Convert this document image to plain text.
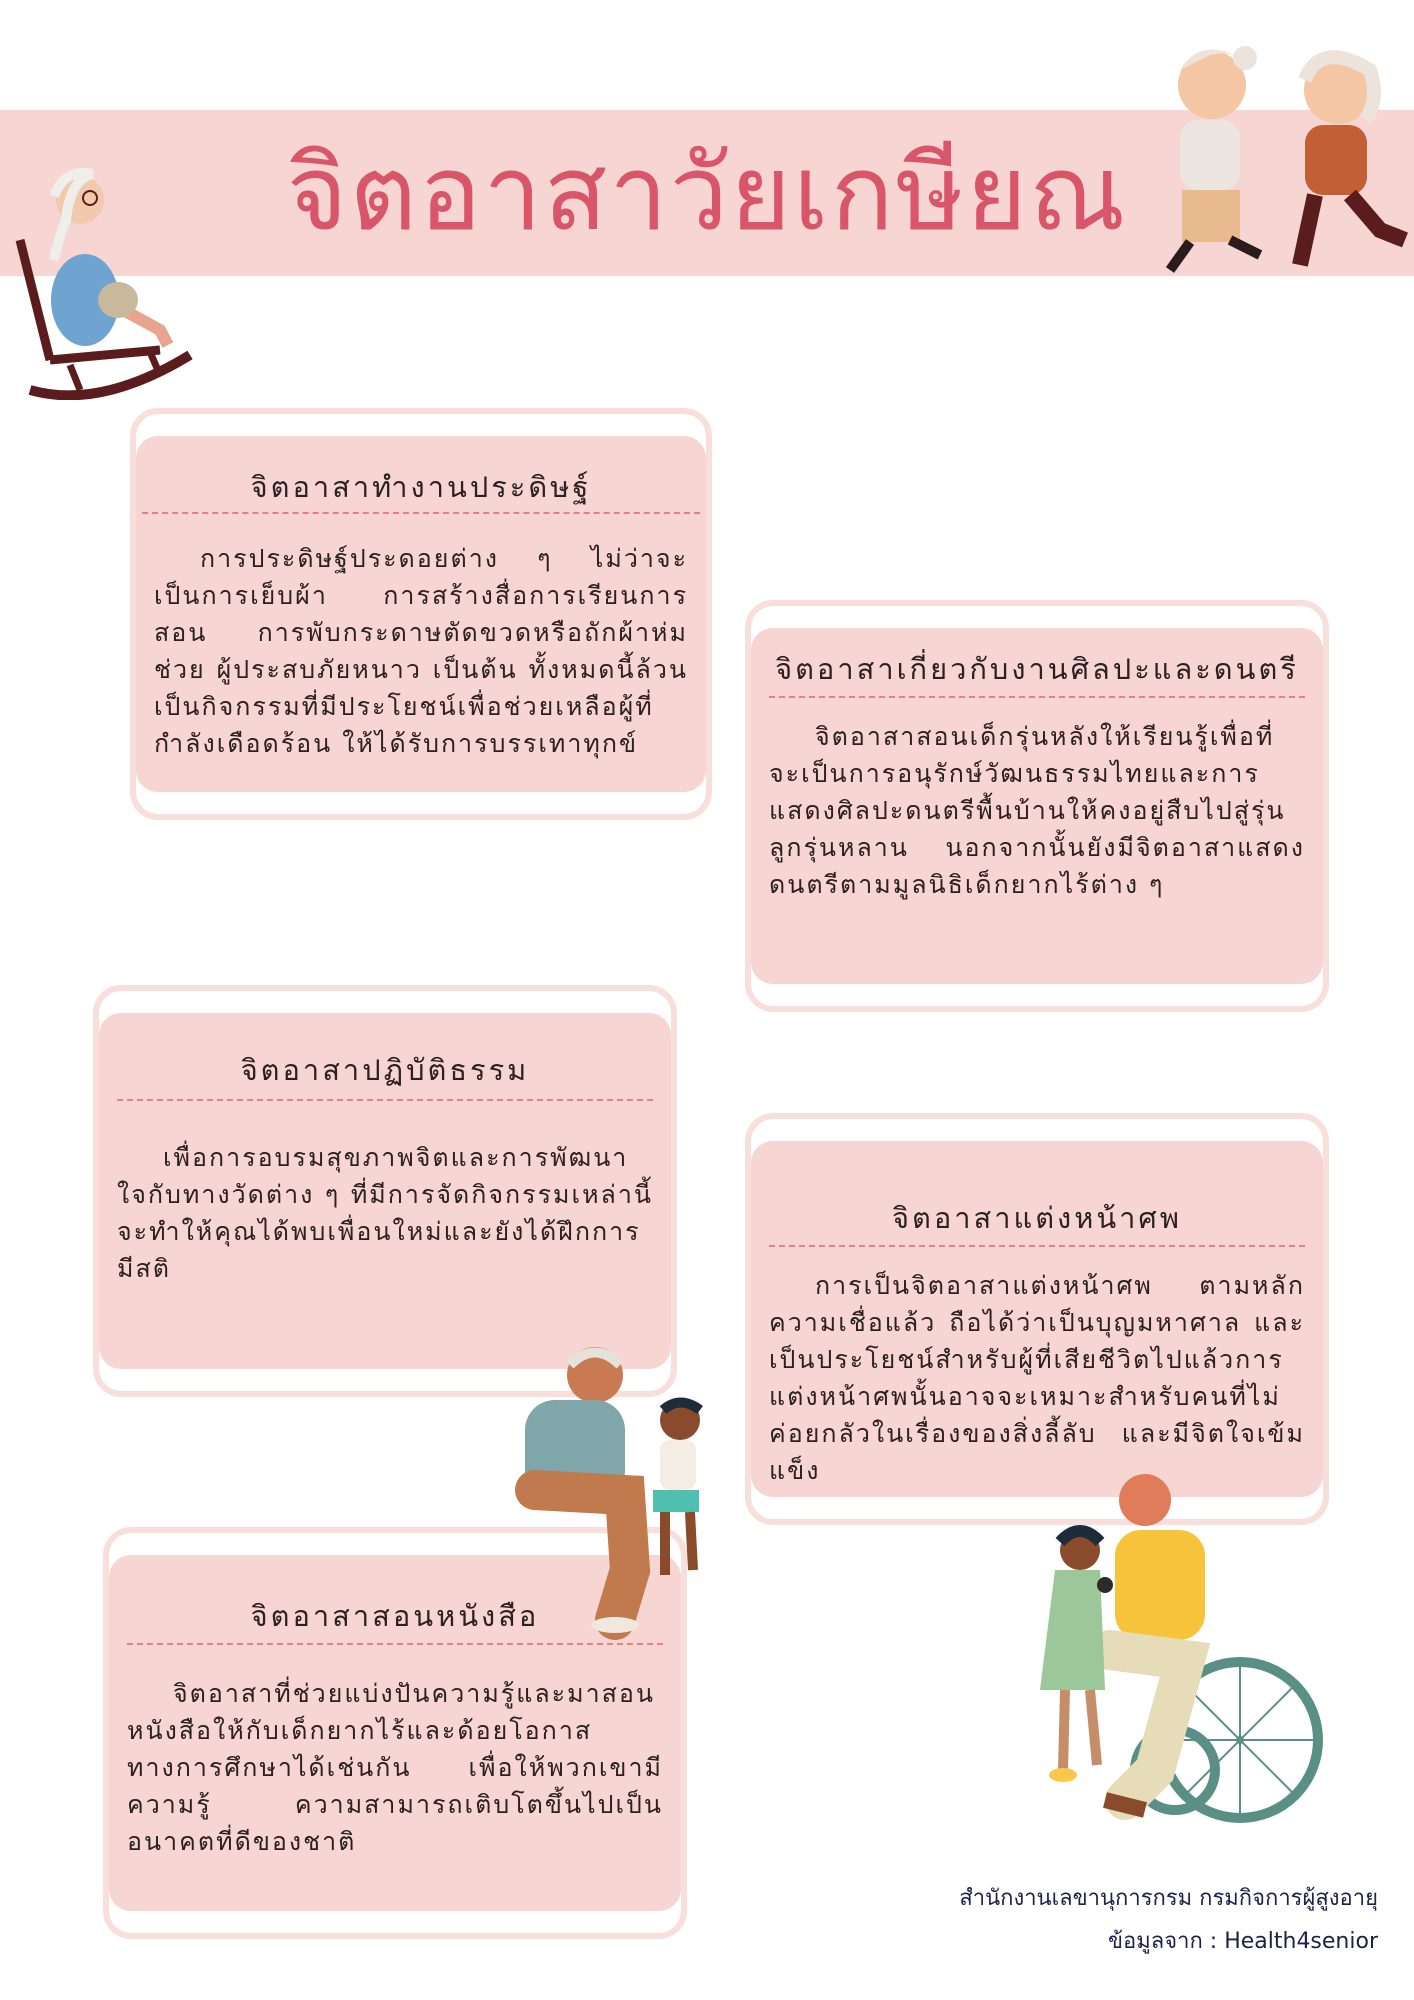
จิตอาสาวัยเกษียณ
จิตอาสาทำงานประดิษฐ์
การประดิษฐ์ประดอยต่าง ๆ ไม่ว่าจะเป็นการเย็บผ้า การสร้างสื่อการเรียนการสอน การพับกระดาษตัดขวดหรือถักผ้าห่มช่วย ผู้ประสบภัยหนาว เป็นต้น ทั้งหมดนี้ล้วนเป็นกิจกรรมที่มีประโยชน์เพื่อช่วยเหลือผู้ที่กำลังเดือดร้อน ให้ได้รับการบรรเทาทุกข์
จิตอาสาเกี่ยวกับงานศิลปะและดนตรี
จิตอาสาสอนเด็กรุ่นหลังให้เรียนรู้เพื่อที่จะเป็นการอนุรักษ์วัฒนธรรมไทยและการแสดงศิลปะดนตรีพื้นบ้านให้คงอยู่สืบไปสู่รุ่นลูกรุ่นหลาน นอกจากนั้นยังมีจิตอาสาแสดงดนตรีตามมูลนิธิเด็กยากไร้ต่าง ๆ
จิตอาสาปฏิบัติธรรม
เพื่อการอบรมสุขภาพจิตและการพัฒนาใจกับทางวัดต่าง ๆ ที่มีการจัดกิจกรรมเหล่านี้ จะทำให้คุณได้พบเพื่อนใหม่และยังได้ฝึกการมีสติ
จิตอาสาแต่งหน้าศพ
การเป็นจิตอาสาแต่งหน้าศพ ตามหลักความเชื่อแล้ว ถือได้ว่าเป็นบุญมหาศาล และเป็นประโยชน์สำหรับผู้ที่เสียชีวิตไปแล้วการแต่งหน้าศพนั้นอาจจะเหมาะสำหรับคนที่ไม่ค่อยกลัวในเรื่องของสิ่งลี้ลับ และมีจิตใจเข้มแข็ง
จิตอาสาสอนหนังสือ
จิตอาสาที่ช่วยแบ่งปันความรู้และมาสอนหนังสือให้กับเด็กยากไร้และด้อยโอกาสทางการศึกษาได้เช่นกัน เพื่อให้พวกเขามีความรู้ ความสามารถเติบโตขึ้นไปเป็นอนาคตที่ดีของชาติ
สำนักงานเลขานุการกรม กรมกิจการผู้สูงอายุ
ข้อมูลจาก : Health4senior
